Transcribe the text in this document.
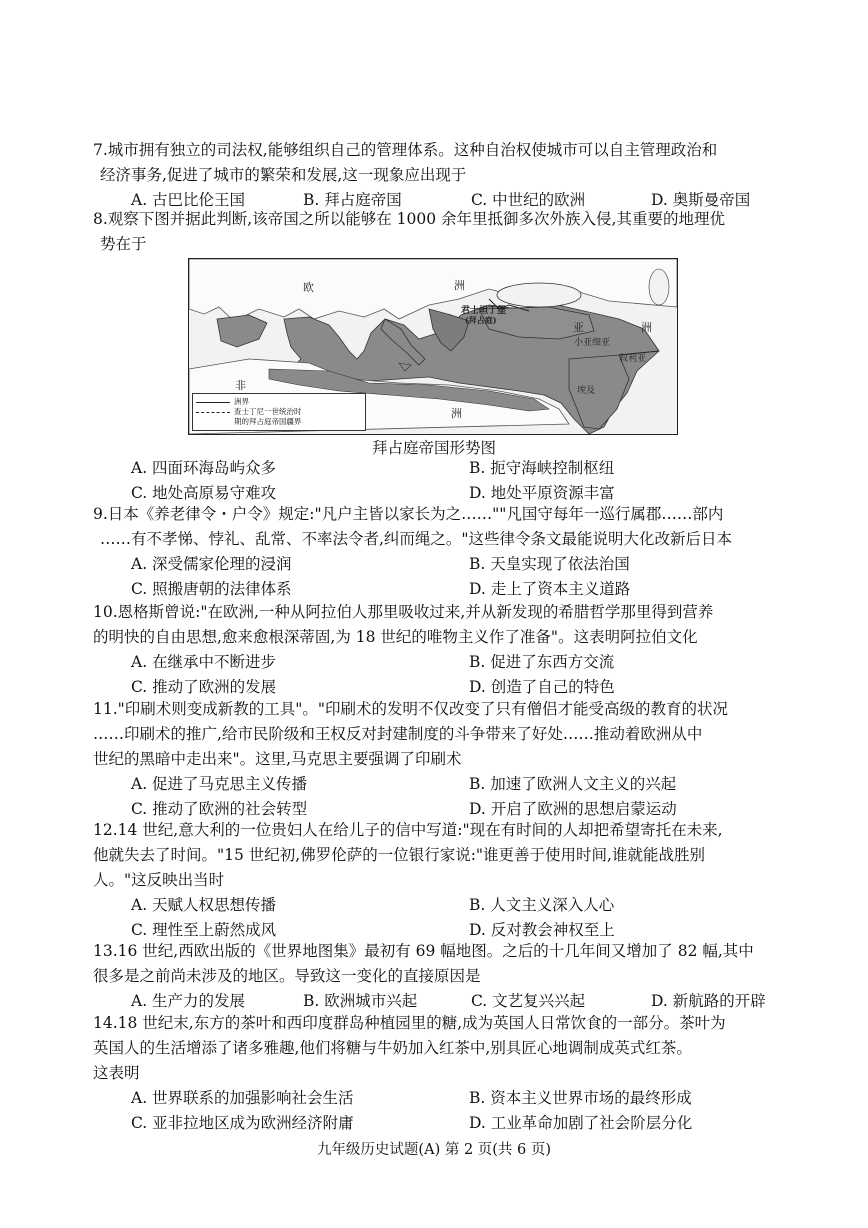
7.城市拥有独立的司法权,能够组织自己的管理体系。这种自治权使城市可以自主管理政治和
经济事务,促进了城市的繁荣和发展,这一现象应出现于
A. 古巴比伦王国	B. 拜占庭帝国	C. 中世纪的欧洲	D. 奥斯曼帝国
8.观察下图并据此判断,该帝国之所以能够在 1000 余年里抵御多次外族入侵,其重要的地理优
势在于
欧	洲
君士坦丁堡
(拜占庭)
亚	洲
小亚细亚
叙利亚
非
洲
埃及
洲界
查士丁尼一世统治时
期的拜占庭帝国疆界
拜占庭帝国形势图
A. 四面环海岛屿众多	B. 扼守海峡控制枢纽
C. 地处高原易守难攻	D. 地处平原资源丰富
9.日本《养老律令・户令》规定:"凡户主皆以家长为之……""凡国守每年一巡行属郡……部内
……有不孝悌、悖礼、乱常、不率法令者,纠而绳之。"这些律令条文最能说明大化改新后日本
A. 深受儒家伦理的浸润	B. 天皇实现了依法治国
C. 照搬唐朝的法律体系	D. 走上了资本主义道路
10.恩格斯曾说:"在欧洲,一种从阿拉伯人那里吸收过来,并从新发现的希腊哲学那里得到营养
的明快的自由思想,愈来愈根深蒂固,为 18 世纪的唯物主义作了准备"。这表明阿拉伯文化
A. 在继承中不断进步	B. 促进了东西方交流
C. 推动了欧洲的发展	D. 创造了自己的特色
11."印刷术则变成新教的工具"。"印刷术的发明不仅改变了只有僧侣才能受高级的教育的状况
……印刷术的推广,给市民阶级和王权反对封建制度的斗争带来了好处……推动着欧洲从中
世纪的黑暗中走出来"。这里,马克思主要强调了印刷术
A. 促进了马克思主义传播	B. 加速了欧洲人文主义的兴起
C. 推动了欧洲的社会转型	D. 开启了欧洲的思想启蒙运动
12.14 世纪,意大利的一位贵妇人在给儿子的信中写道:"现在有时间的人却把希望寄托在未来,
他就失去了时间。"15 世纪初,佛罗伦萨的一位银行家说:"谁更善于使用时间,谁就能战胜别
人。"这反映出当时
A. 天赋人权思想传播	B. 人文主义深入人心
C. 理性至上蔚然成风	D. 反对教会神权至上
13.16 世纪,西欧出版的《世界地图集》最初有 69 幅地图。之后的十几年间又增加了 82 幅,其中
很多是之前尚未涉及的地区。导致这一变化的直接原因是
A. 生产力的发展	B. 欧洲城市兴起	C. 文艺复兴兴起	D. 新航路的开辟
14.18 世纪末,东方的茶叶和西印度群岛种植园里的糖,成为英国人日常饮食的一部分。茶叶为
英国人的生活增添了诸多雅趣,他们将糖与牛奶加入红茶中,别具匠心地调制成英式红茶。
这表明
A. 世界联系的加强影响社会生活	B. 资本主义世界市场的最终形成
C. 亚非拉地区成为欧洲经济附庸	D. 工业革命加剧了社会阶层分化
九年级历史试题(A) 第 2 页(共 6 页)
